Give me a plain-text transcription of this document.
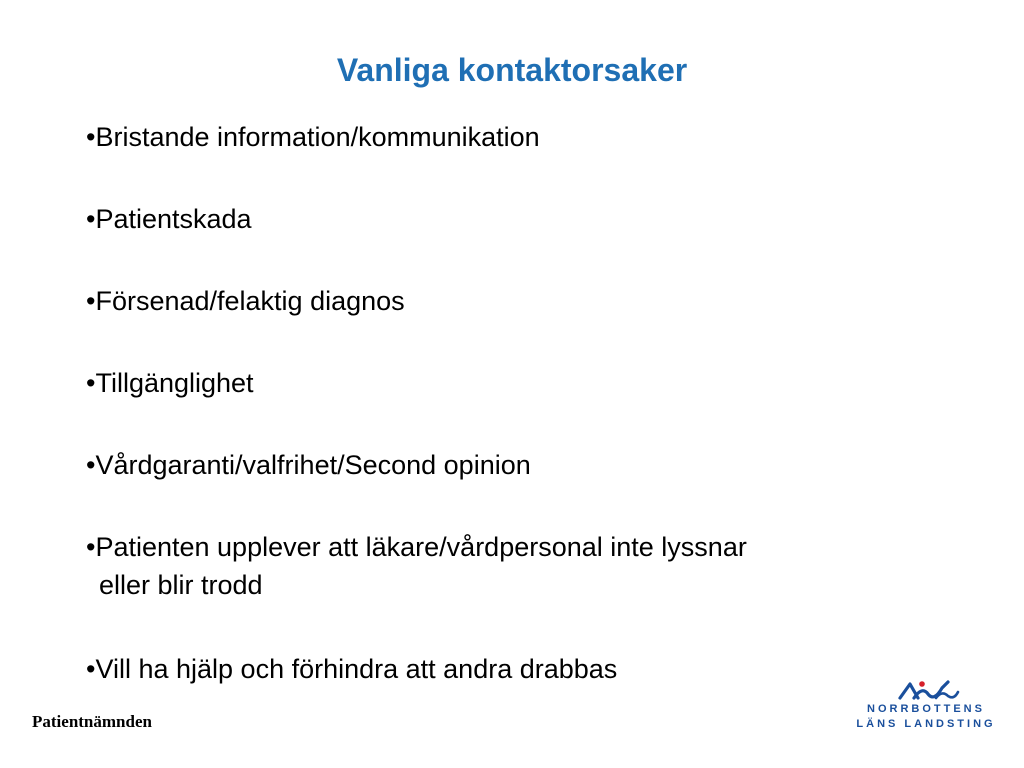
Vanliga kontaktorsaker
•Bristande information/kommunikation
•Patientskada
•Försenad/felaktig diagnos
•Tillgänglighet
•Vårdgaranti/valfrihet/Second opinion
•Patienten upplever att läkare/vårdpersonal inte lyssnar
eller blir trodd
•Vill ha hjälp och förhindra att andra drabbas
Patientnämnden
NORRBOTTENS
LÄNS LANDSTING
